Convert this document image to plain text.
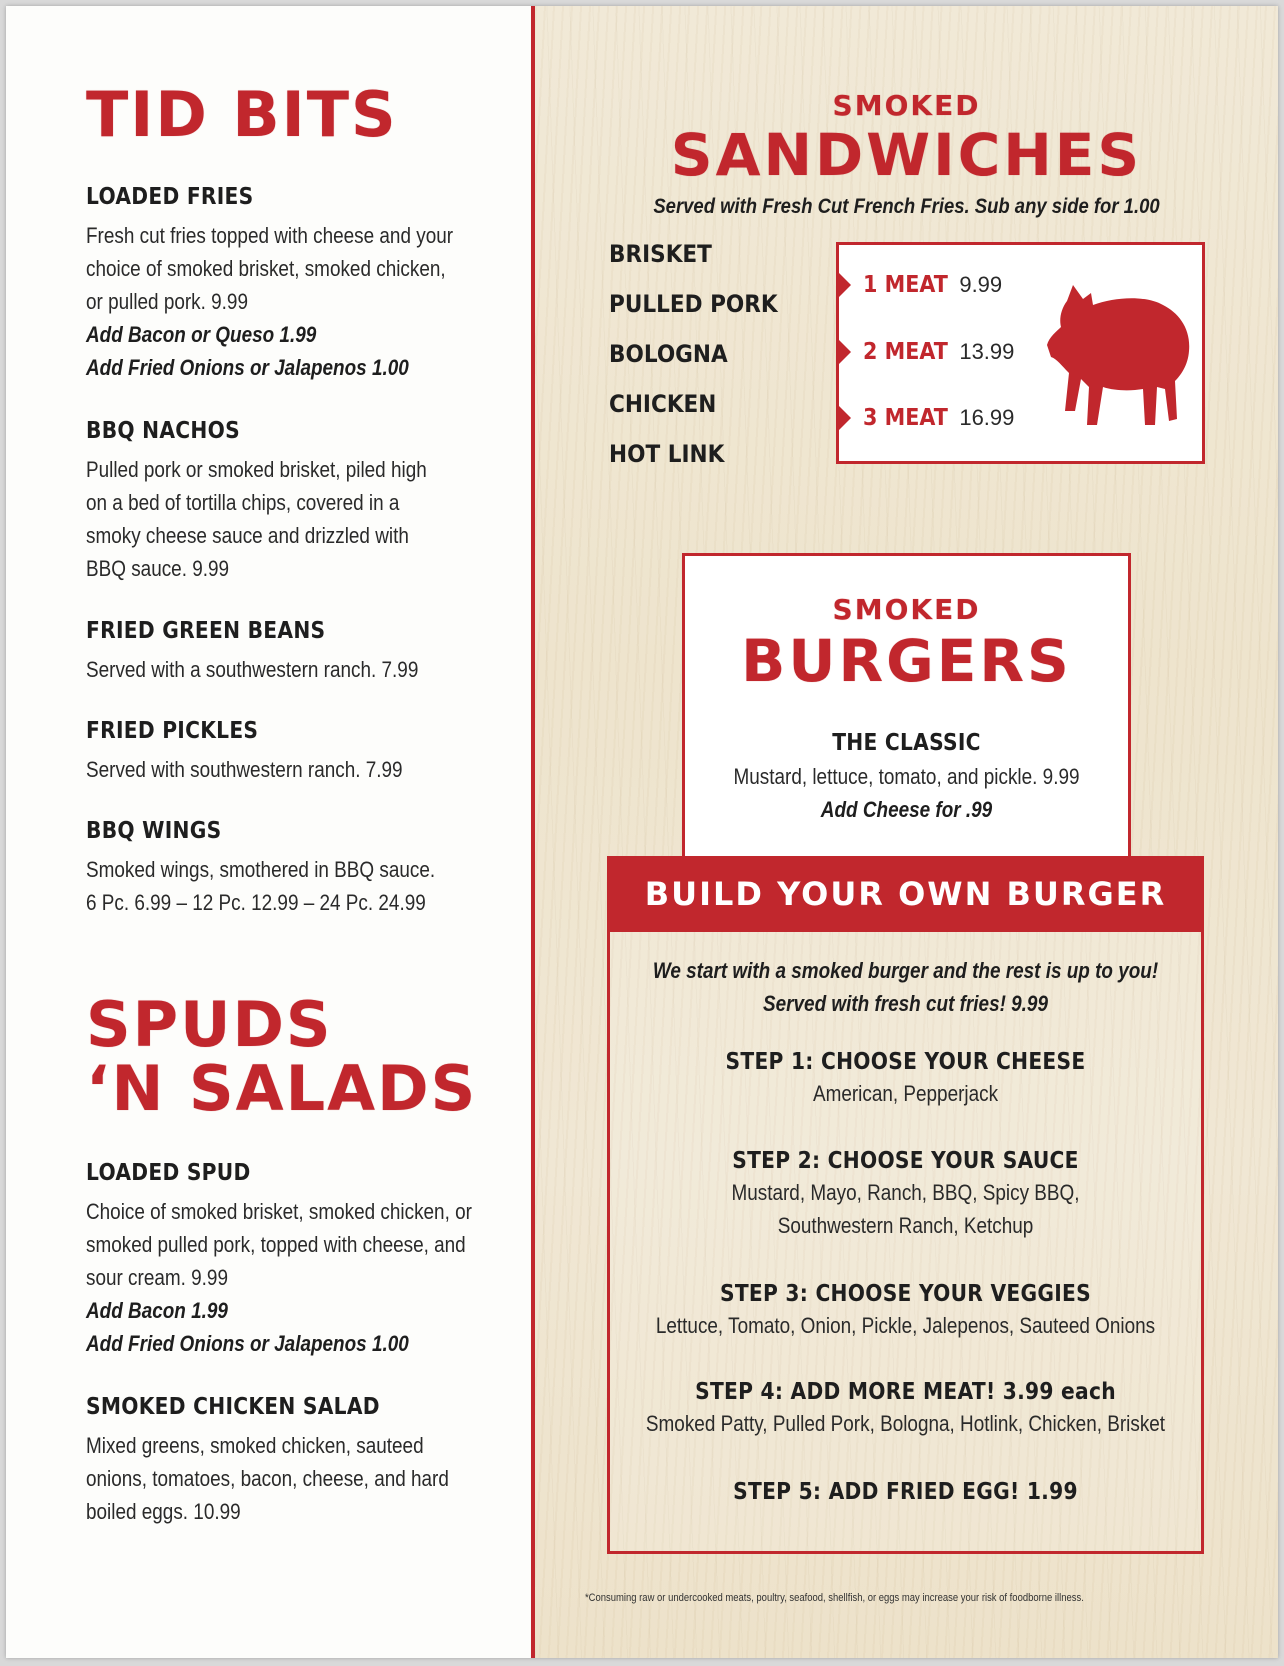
TID BITS
LOADED FRIES
Fresh cut fries topped with cheese and your
choice of smoked brisket, smoked chicken,
or pulled pork. 9.99
Add Bacon or Queso 1.99
Add Fried Onions or Jalapenos 1.00
BBQ NACHOS
Pulled pork or smoked brisket, piled high
on a bed of tortilla chips, covered in a
smoky cheese sauce and drizzled with
BBQ sauce. 9.99
FRIED GREEN BEANS
Served with a southwestern ranch. 7.99
FRIED PICKLES
Served with southwestern ranch. 7.99
BBQ WINGS
Smoked wings, smothered in BBQ sauce.
6 Pc. 6.99 – 12 Pc. 12.99 – 24 Pc. 24.99
SPUDS
‘N SALADS
LOADED SPUD
Choice of smoked brisket, smoked chicken, or
smoked pulled pork, topped with cheese, and
sour cream. 9.99
Add Bacon 1.99
Add Fried Onions or Jalapenos 1.00
SMOKED CHICKEN SALAD
Mixed greens, smoked chicken, sauteed
onions, tomatoes, bacon, cheese, and hard
boiled eggs. 10.99
SMOKED
SANDWICHES
Served with Fresh Cut French Fries. Sub any side for 1.00
BRISKET
PULLED PORK
BOLOGNA
CHICKEN
HOT LINK
1 MEAT 9.99
2 MEAT 13.99
3 MEAT 16.99
SMOKED
BURGERS
THE CLASSIC
Mustard, lettuce, tomato, and pickle. 9.99
Add Cheese for .99
BUILD YOUR OWN BURGER
We start with a smoked burger and the rest is up to you!
Served with fresh cut fries! 9.99
STEP 1: CHOOSE YOUR CHEESE
American, Pepperjack
STEP 2: CHOOSE YOUR SAUCE
Mustard, Mayo, Ranch, BBQ, Spicy BBQ,
Southwestern Ranch, Ketchup
STEP 3: CHOOSE YOUR VEGGIES
Lettuce, Tomato, Onion, Pickle, Jalepenos, Sauteed Onions
STEP 4: ADD MORE MEAT! 3.99 each
Smoked Patty, Pulled Pork, Bologna, Hotlink, Chicken, Brisket
STEP 5: ADD FRIED EGG! 1.99
*Consuming raw or undercooked meats, poultry, seafood, shellfish, or eggs may increase your risk of foodborne illness.
